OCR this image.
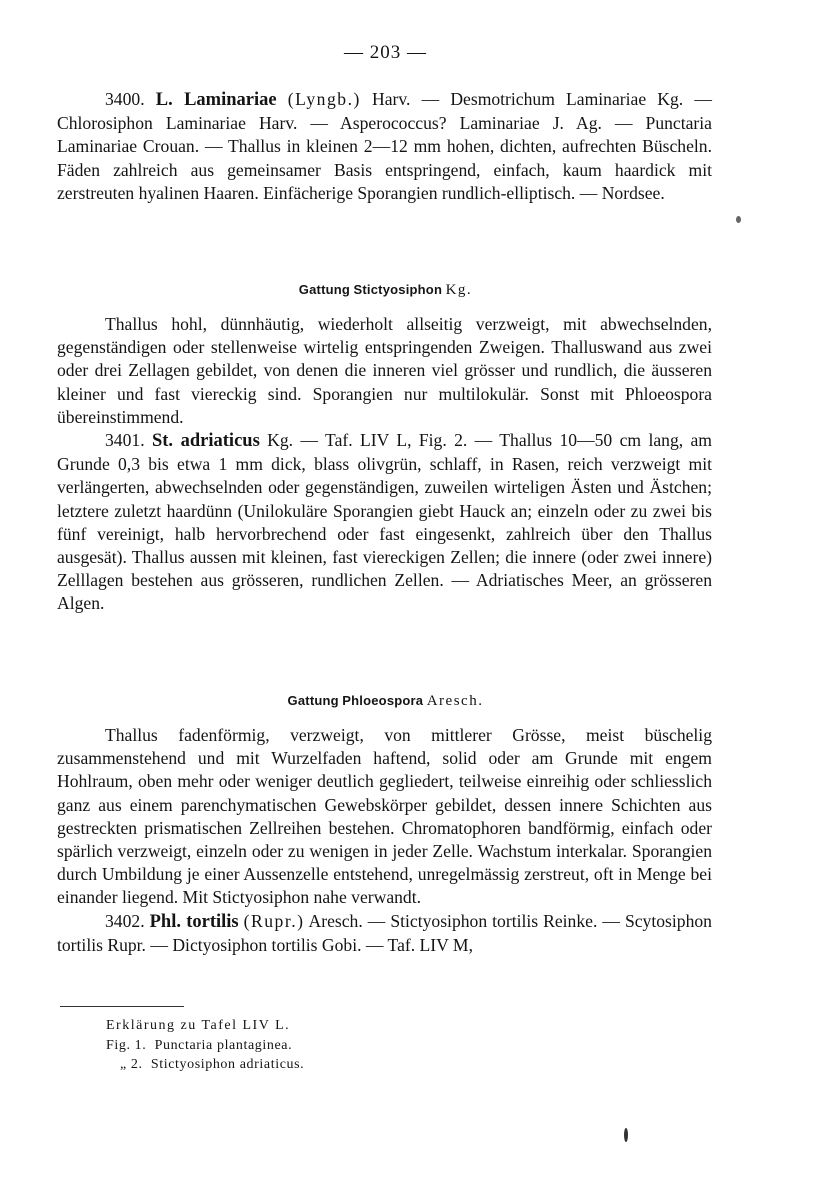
— 203 —

3400. L. Laminariae (Lyngb.) Harv. — Desmotrichum Laminariae Kg. — Chlorosiphon Laminariae Harv. — Asperococcus? Laminariae J. Ag. — Punctaria Laminariae Crouan. — Thallus in kleinen 2—12 mm hohen, dichten, aufrechten Büscheln. Fäden zahlreich aus gemeinsamer Basis entspringend, einfach, kaum haardick mit zerstreuten hyalinen Haaren. Einfächerige Sporangien rundlich-elliptisch. — Nordsee.

Gattung Stictyosiphon Kg.

Thallus hohl, dünnhäutig, wiederholt allseitig verzweigt, mit abwechselnden, gegenständigen oder stellenweise wirtelig entspringenden Zweigen. Thalluswand aus zwei oder drei Zellagen gebildet, von denen die inneren viel grösser und rundlich, die äusseren kleiner und fast viereckig sind. Sporangien nur multilokulär. Sonst mit Phloeospora übereinstimmend.

3401. St. adriaticus Kg. — Taf. LIV L, Fig. 2. — Thallus 10—50 cm lang, am Grunde 0,3 bis etwa 1 mm dick, blass olivgrün, schlaff, in Rasen, reich verzweigt mit verlängerten, abwechselnden oder gegenständigen, zuweilen wirteligen Ästen und Ästchen; letztere zuletzt haardünn (Unilokuläre Sporangien giebt Hauck an; einzeln oder zu zwei bis fünf vereinigt, halb hervorbrechend oder fast eingesenkt, zahlreich über den Thallus ausgesät). Thallus aussen mit kleinen, fast viereckigen Zellen; die innere (oder zwei innere) Zelllagen bestehen aus grösseren, rundlichen Zellen. — Adriatisches Meer, an grösseren Algen.

Gattung Phloeospora Aresch.

Thallus fadenförmig, verzweigt, von mittlerer Grösse, meist büschelig zusammenstehend und mit Wurzelfaden haftend, solid oder am Grunde mit engem Hohlraum, oben mehr oder weniger deutlich gegliedert, teilweise einreihig oder schliesslich ganz aus einem parenchymatischen Gewebskörper gebildet, dessen innere Schichten aus gestreckten prismatischen Zellreihen bestehen. Chromatophoren bandförmig, einfach oder spärlich verzweigt, einzeln oder zu wenigen in jeder Zelle. Wachstum interkalar. Sporangien durch Umbildung je einer Aussenzelle entstehend, unregelmässig zerstreut, oft in Menge bei einander liegend. Mit Stictyosiphon nahe verwandt.

3402. Phl. tortilis (Rupr.) Aresch. — Stictyosiphon tortilis Reinke. — Scytosiphon tortilis Rupr. — Dictyosiphon tortilis Gobi. — Taf. LIV M,

Erklärung zu Tafel LIV L.
Fig. 1. Punctaria plantaginea.
„ 2. Stictyosiphon adriaticus.
